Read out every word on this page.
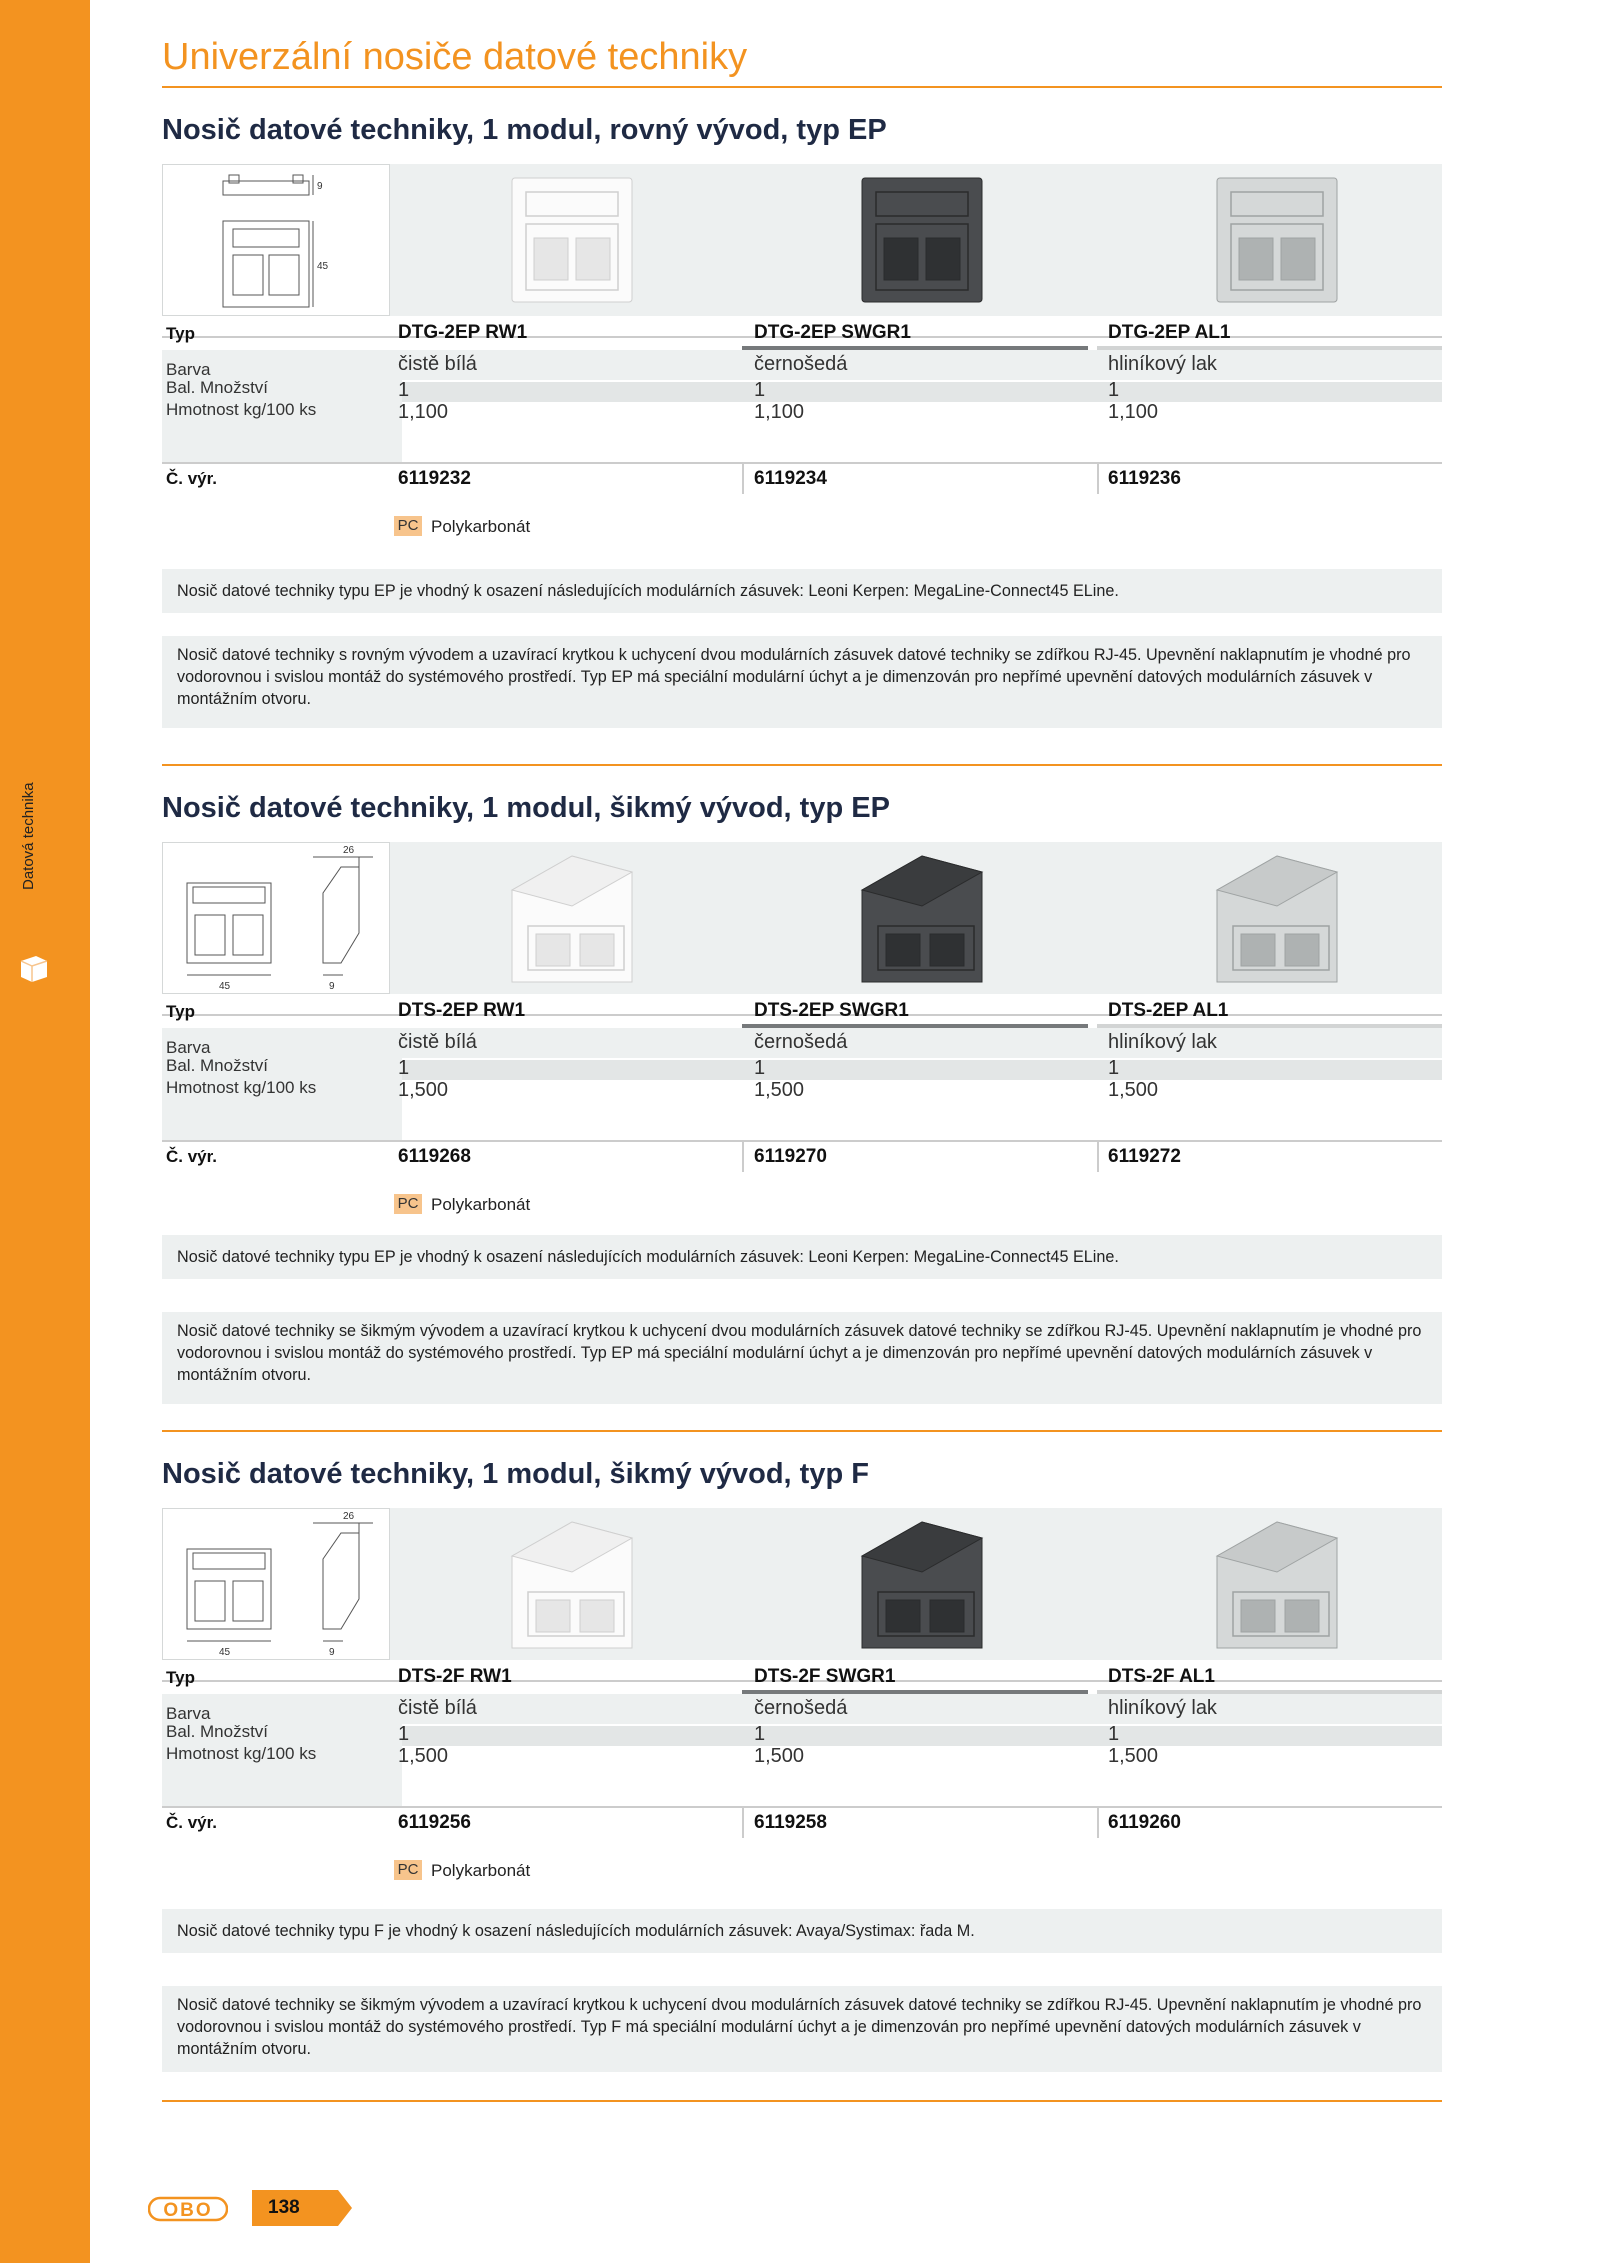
Datová technika
Univerzální nosiče datové techniky
Nosič datové techniky, 1 modul, rovný vývod, typ EP
9
45
Typ	DTG-2EP RW1	DTG-2EP SWGR1	DTG-2EP AL1
Barva	čistě bílá	černošedá	hliníkový lak
Bal. Množství	1	1	1
Hmotnost kg/100 ks	1,100	1,100	1,100
Č. výr.	6119232	6119234	6119236
PC Polykarbonát
Nosič datové techniky typu EP je vhodný k osazení následujících modulárních zásuvek: Leoni Kerpen: MegaLine-Connect45 ELine.
Nosič datové techniky s rovným vývodem a uzavírací krytkou k uchycení dvou modulárních zásuvek datové techniky se zdířkou RJ-45. Upevnění naklapnutím je vhodné pro vodorovnou i svislou montáž do systémového prostředí. Typ EP má speciální modulární úchyt a je dimenzován pro nepřímé upevnění datových modulárních zásuvek v montážním otvoru.
Nosič datové techniky, 1 modul, šikmý vývod, typ EP
26
45	9
Typ	DTS-2EP RW1	DTS-2EP SWGR1	DTS-2EP AL1
Barva	čistě bílá	černošedá	hliníkový lak
Bal. Množství	1	1	1
Hmotnost kg/100 ks	1,500	1,500	1,500
Č. výr.	6119268	6119270	6119272
PC Polykarbonát
Nosič datové techniky typu EP je vhodný k osazení následujících modulárních zásuvek: Leoni Kerpen: MegaLine-Connect45 ELine.
Nosič datové techniky se šikmým vývodem a uzavírací krytkou k uchycení dvou modulárních zásuvek datové techniky se zdířkou RJ-45. Upevnění naklapnutím je vhodné pro vodorovnou i svislou montáž do systémového prostředí. Typ EP má speciální modulární úchyt a je dimenzován pro nepřímé upevnění datových modulárních zásuvek v montážním otvoru.
Nosič datové techniky, 1 modul, šikmý vývod, typ F
26
45	9
Typ	DTS-2F RW1	DTS-2F SWGR1	DTS-2F AL1
Barva	čistě bílá	černošedá	hliníkový lak
Bal. Množství	1	1	1
Hmotnost kg/100 ks	1,500	1,500	1,500
Č. výr.	6119256	6119258	6119260
PC Polykarbonát
Nosič datové techniky typu F je vhodný k osazení následujících modulárních zásuvek: Avaya/Systimax: řada M.
Nosič datové techniky se šikmým vývodem a uzavírací krytkou k uchycení dvou modulárních zásuvek datové techniky se zdířkou RJ-45. Upevnění naklapnutím je vhodné pro vodorovnou i svislou montáž do systémového prostředí. Typ F má speciální modulární úchyt a je dimenzován pro nepřímé upevnění datových modulárních zásuvek v montážním otvoru.
OBO	138
